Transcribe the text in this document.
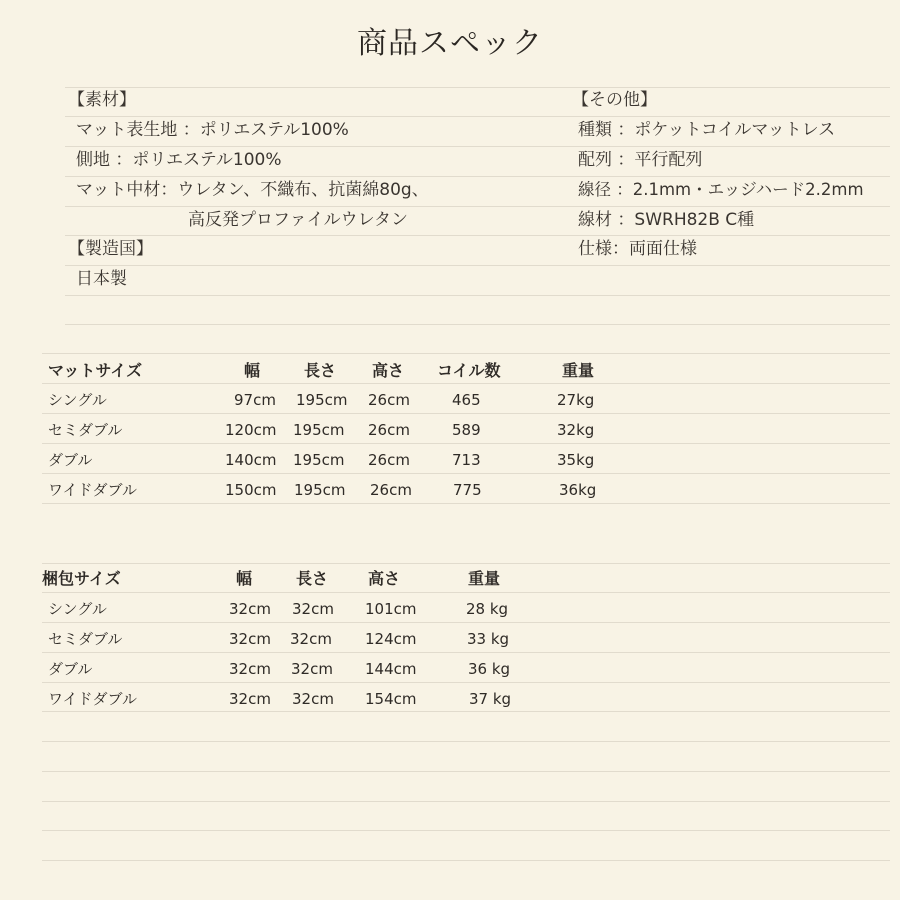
商品スペック
【素材】
マット表生地 ：ポリエステル100%
側地 ：ポリエステル100%
マット中材：ウレタン、不織布、抗菌綿80g、
高反発プロファイルウレタン
【製造国】
日本製
【その他】
種類 ：ポケットコイルマットレス
配列 ：平行配列
線径 ：2.1mm・エッジハード2.2mm
線材 ：SWRH82B C種
仕様：両面仕様
マットサイズ	幅	長さ 高さ コイル数	重量
シングル	97cm 195cm 26cm	465	27kg
セミダブル	120cm 195cm 26cm	589	32kg
ダブル	140cm 195cm 26cm	713	35kg
ワイドダブル	150cm 195cm 26cm	775	36kg
梱包サイズ	幅	長さ 高さ	重量
シングル	32cm 32cm 101cm	28 kg
セミダブル	32cm 32cm 124cm	33 kg
ダブル	32cm 32cm 144cm	36 kg
ワイドダブル	32cm 32cm 154cm	37 kg
